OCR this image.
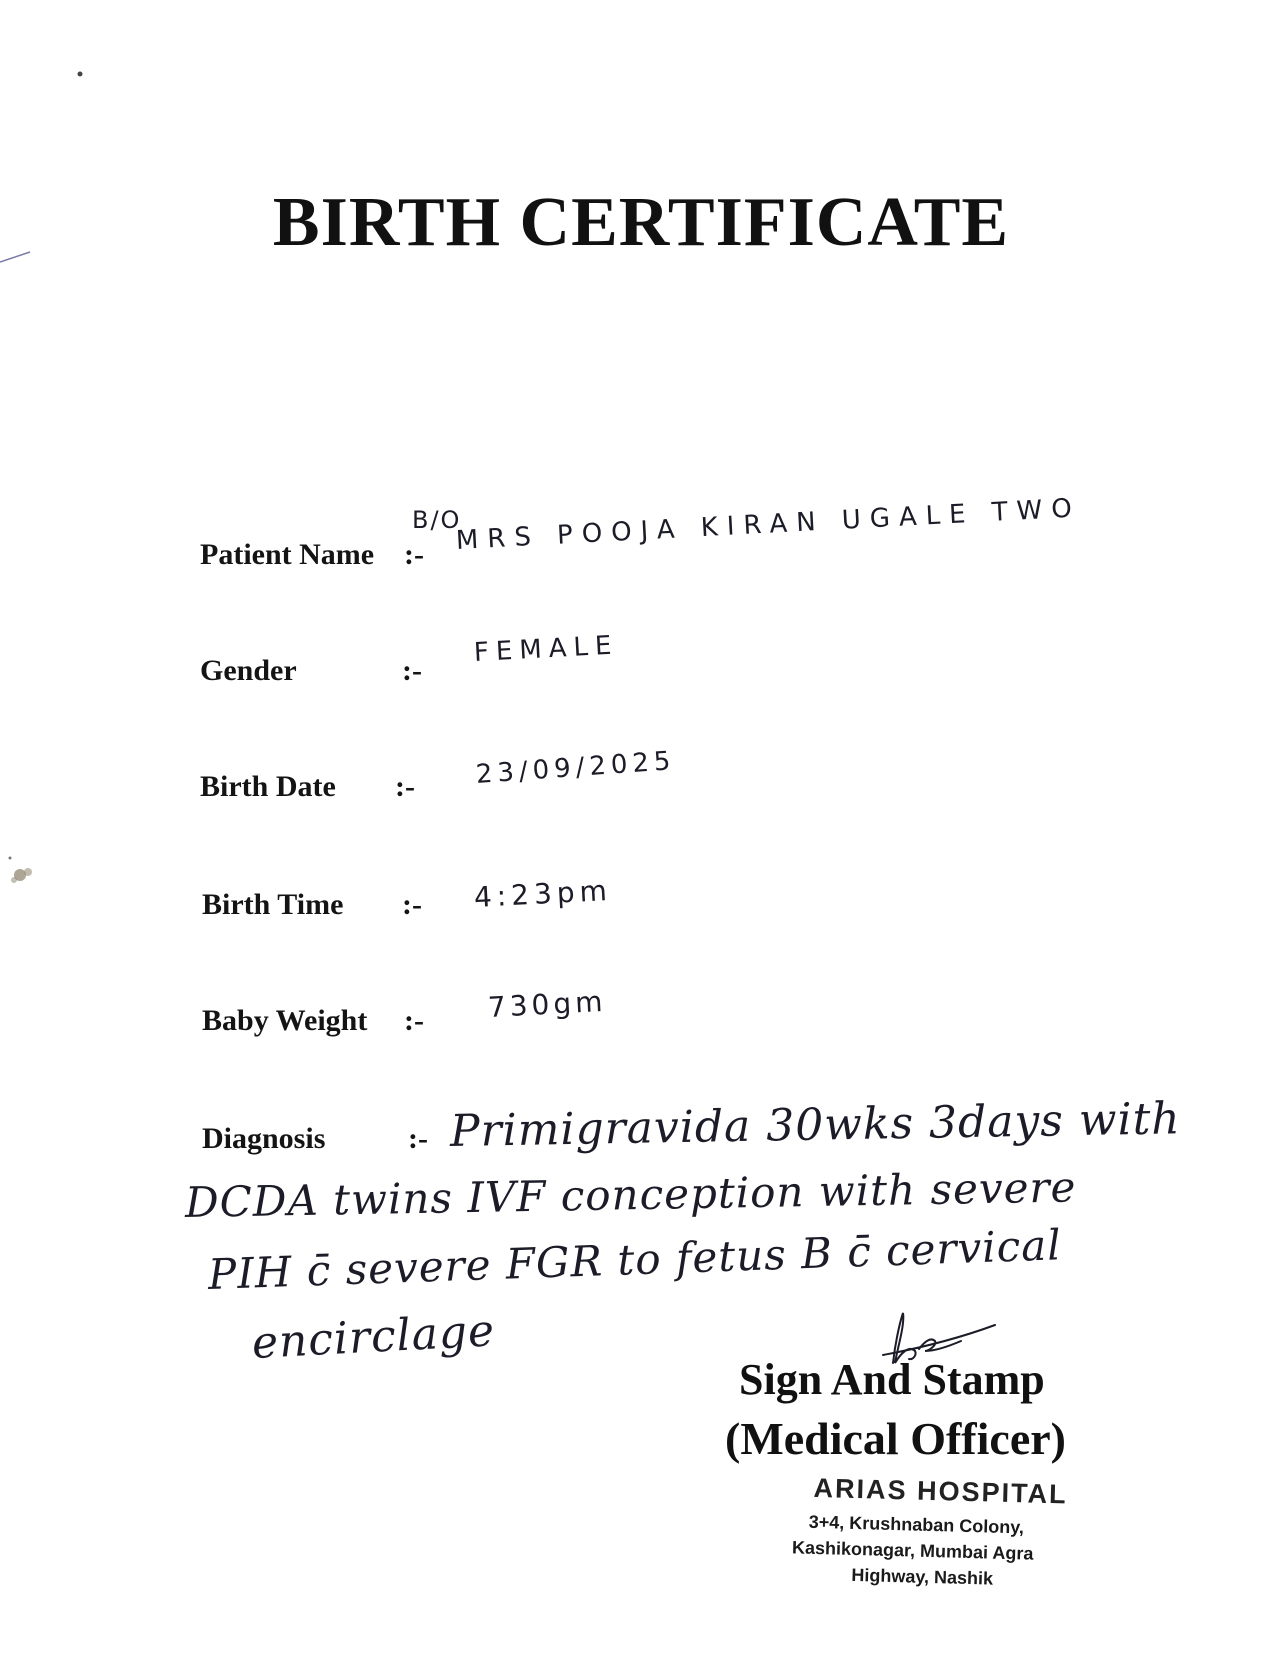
BIRTH CERTIFICATE
Patient Name :-
B/O
MRS POOJA KIRAN UGALE TWO
Gender	:-
FEMALE
Birth Date :- 23/09/2025
Birth Time :- 4:23pm
Baby Weight :- 730gm
Diagnosis	:- Primigravida 30wks 3days with
DCDA twins IVF conception with severe
PIH c̄ severe FGR to fetus B c̄ cervical
encirclage
Sign And Stamp
(Medical Officer)
ARIAS HOSPITAL
3+4, Krushnaban Colony,
Kashikonagar, Mumbai Agra
Highway, Nashik
